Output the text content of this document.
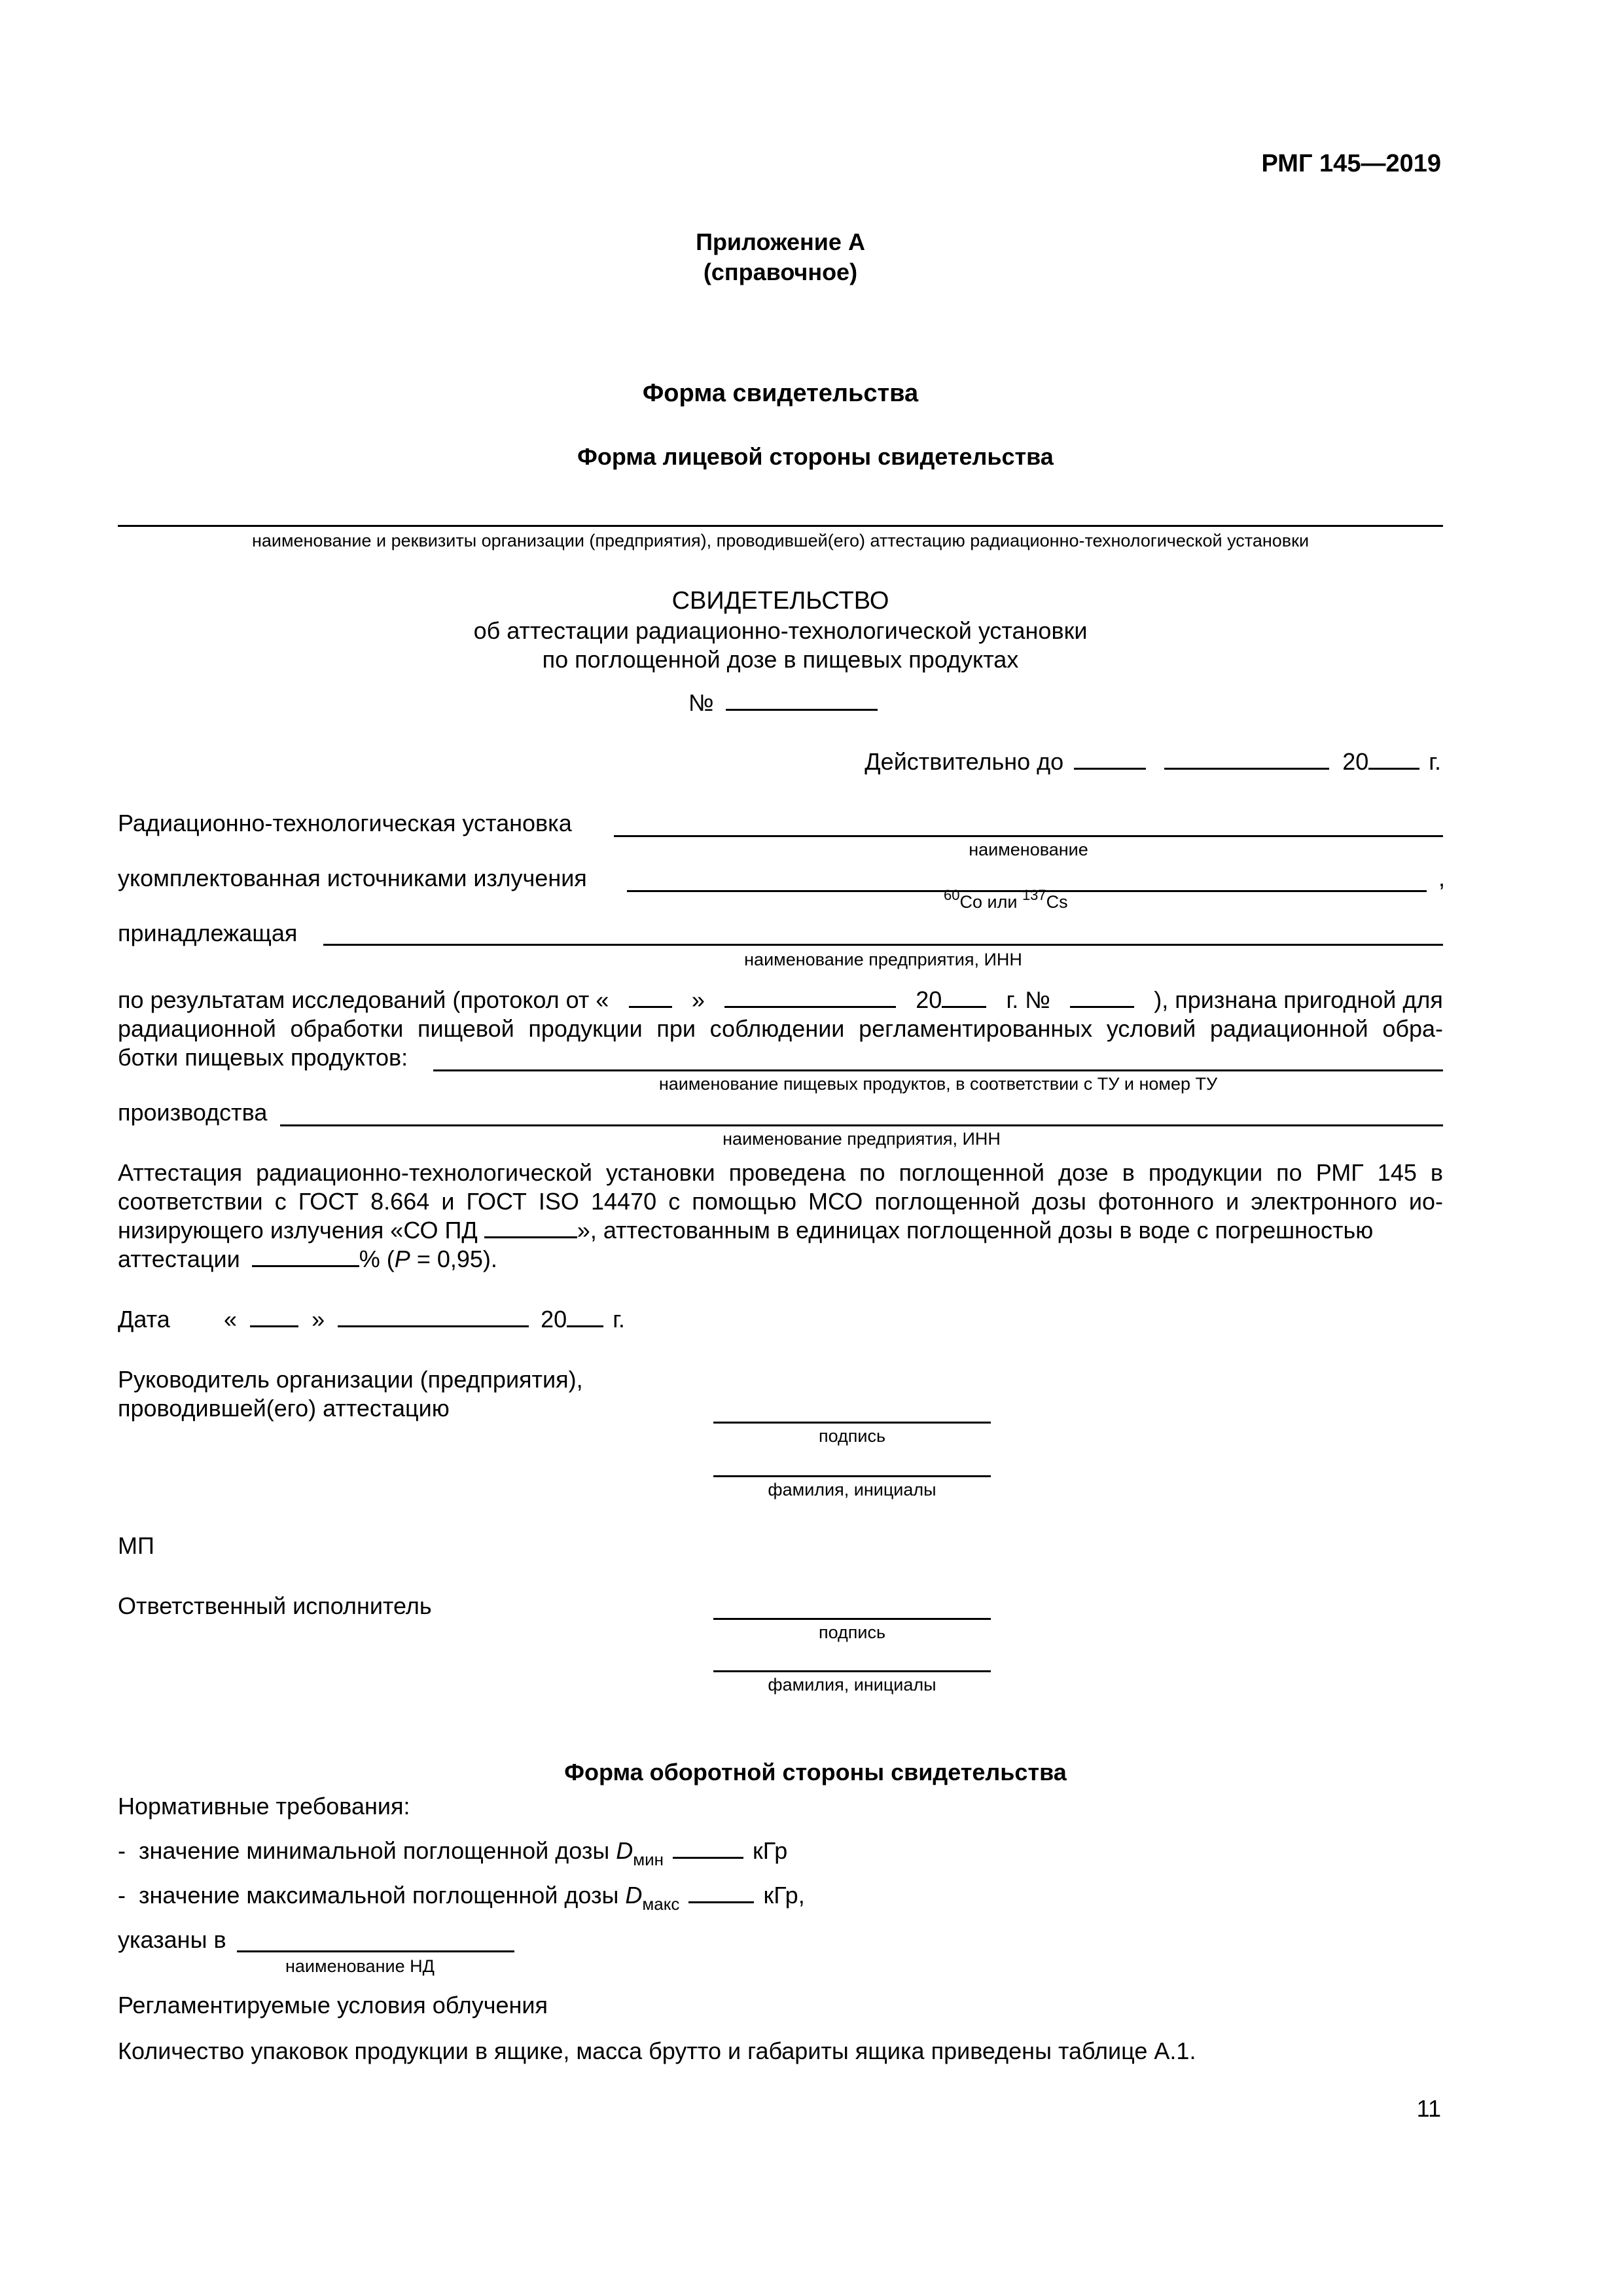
РМГ 145—2019
Приложение А
(справочное)
Форма свидетельства
Форма лицевой стороны свидетельства
наименование и реквизиты организации (предприятия), проводившей(его) аттестацию радиационно-технологической установки
СВИДЕТЕЛЬСТВО
об аттестации радиационно-технологической установки
по поглощенной дозе в пищевых продуктах
№
Действительно до	20	г.
Радиационно-технологическая установка
наименование
укомплектованная источниками излучения	,
$^{60}$Co или $^{137}$Cs
принадлежащая
наименование предприятия, ИНН
по результатам исследований (протокол от «	»	20	г. №	), признана пригодной для
радиационной обработки пищевой продукции при соблюдении регламентированных условий радиационной обра-
ботки пищевых продуктов:
наименование пищевых продуктов, в соответствии с ТУ и номер ТУ
производства
наименование предприятия, ИНН
Аттестация радиационно-технологической установки проведена по поглощенной дозе в продукции по РМГ 145 в
соответствии с ГОСТ 8.664 и ГОСТ ISO 14470 с помощью МСО поглощенной дозы фотонного и электронного ио-
низирующего излучения «СО ПД	», аттестованным в единицах поглощенной дозы в воде с погрешностью
аттестации	% (P = 0,95).
Дата «	»	20 г.
Руководитель организации (предприятия),
проводившей(его) аттестацию
подпись
фамилия, инициалы
МП
Ответственный исполнитель
подпись
фамилия, инициалы
Форма оборотной стороны свидетельства
Нормативные требования:
-  значение минимальной поглощенной дозы $D_{мин}$	кГр
-  значение максимальной поглощенной дозы $D_{макс}$	кГр,
указаны в
наименование НД
Регламентируемые условия облучения
Количество упаковок продукции в ящике, масса брутто и габариты ящика приведены таблице А.1.
11
